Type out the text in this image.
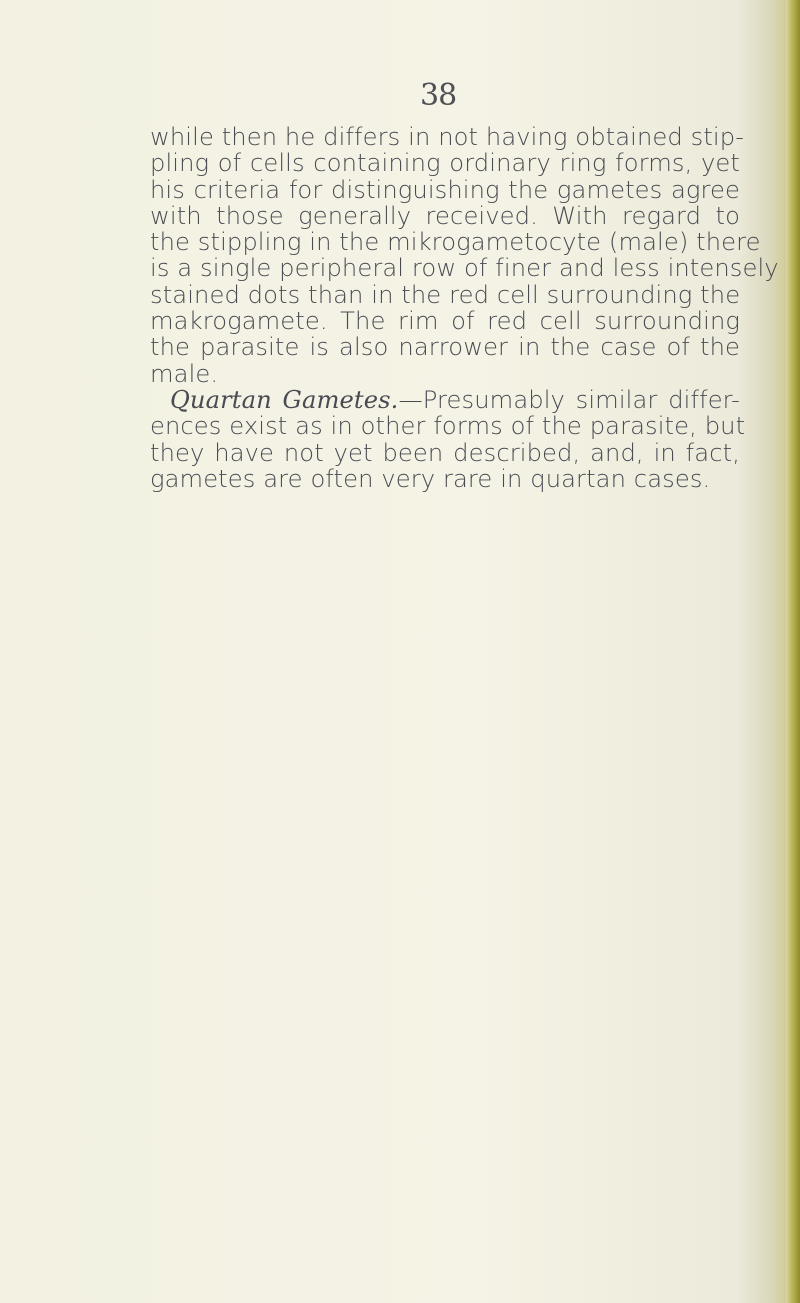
38
while then he differs in not having obtained stip-
pling of cells containing ordinary ring forms, yet
his criteria for distinguishing the gametes agree
with those generally received. With regard to
the stippling in the mikrogametocyte (male) there
is a single peripheral row of finer and less intensely
stained dots than in the red cell surrounding the
makrogamete. The rim of red cell surrounding
the parasite is also narrower in the case of the
male.
Quartan Gametes.—Presumably similar differ-
ences exist as in other forms of the parasite, but
they have not yet been described, and, in fact,
gametes are often very rare in quartan cases.
